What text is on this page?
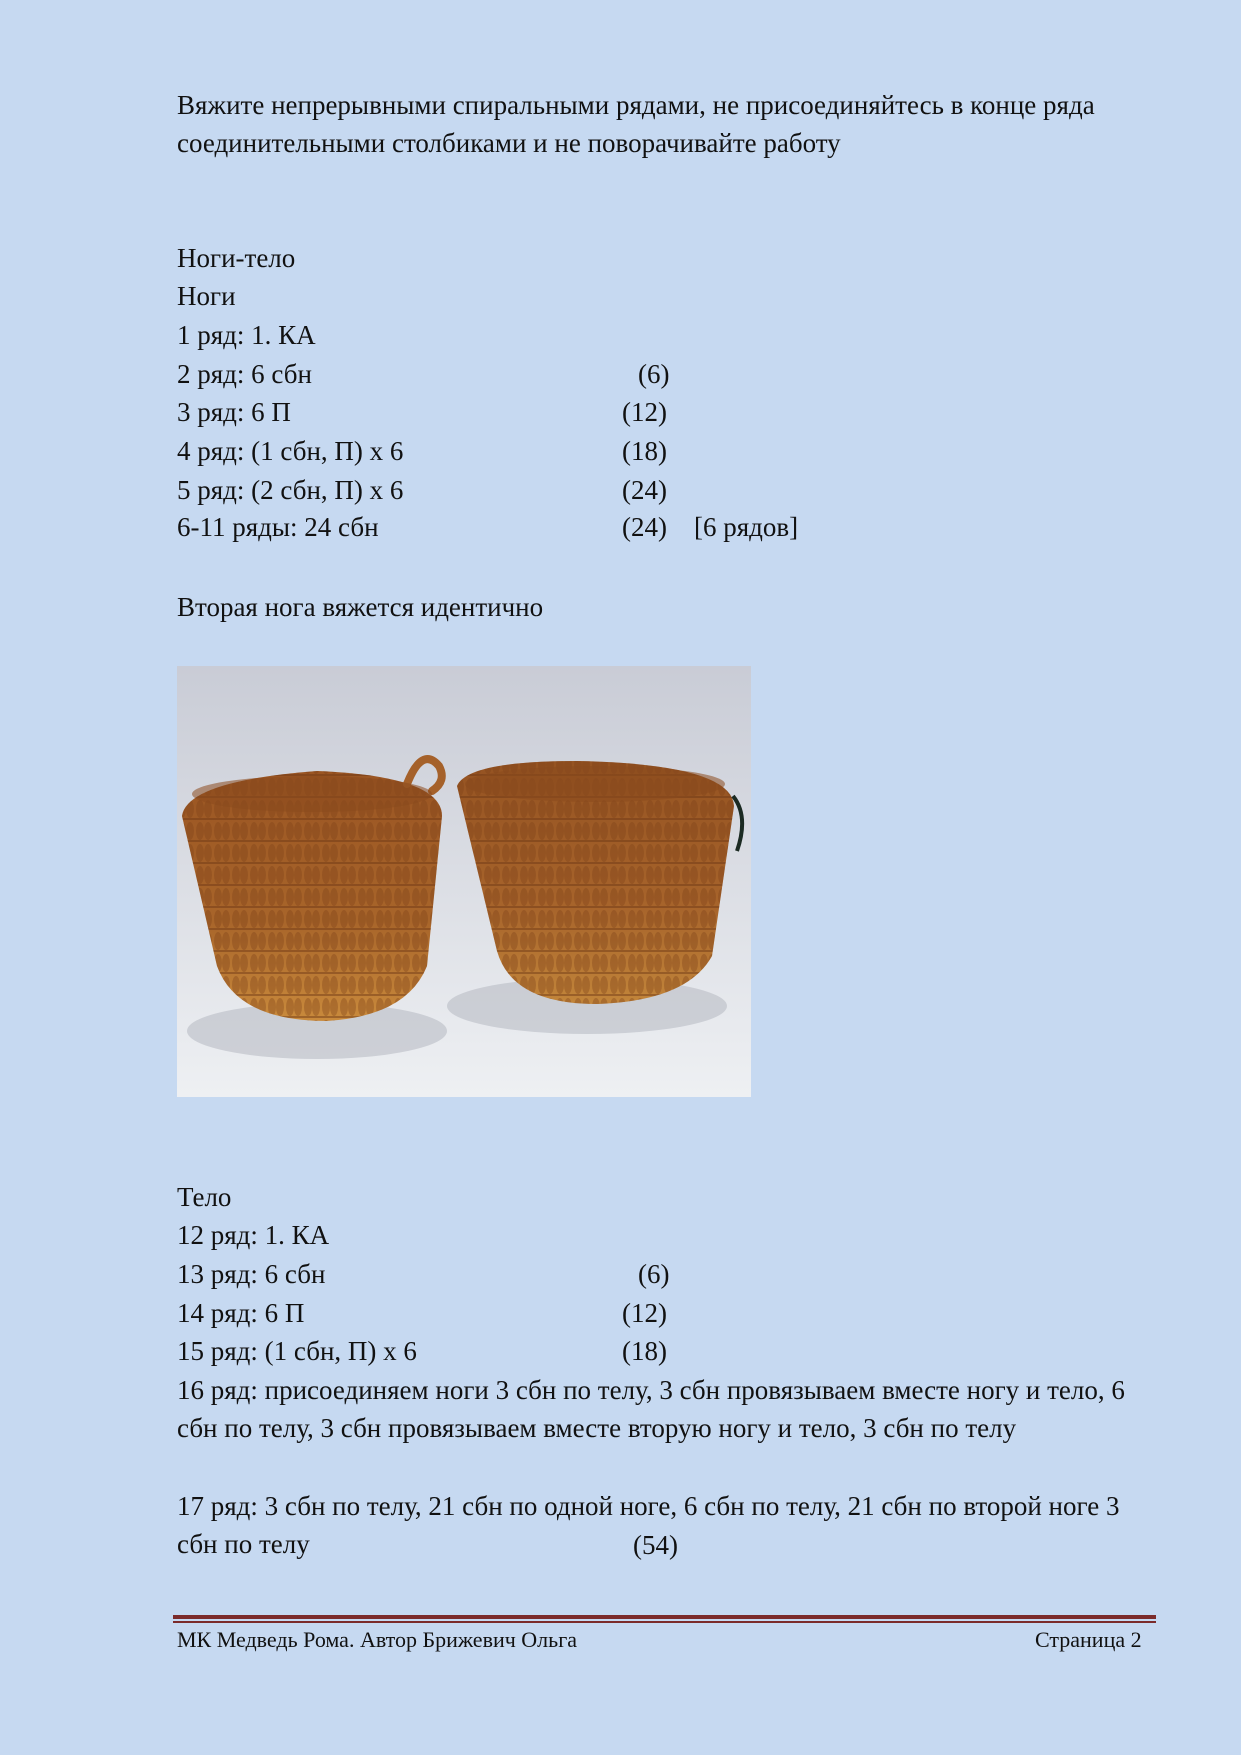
Вяжите непрерывными спиральными рядами, не присоединяйтесь в конце ряда соединительными столбиками и не поворачивайте работу
Ноги-тело
Ноги
1 ряд: 1. КА
2 ряд: 6 сбн	(6)
3 ряд: 6 П	(12)
4 ряд: (1 сбн, П) х 6	(18)
5 ряд: (2 сбн, П) х 6	(24)
6-11 ряды: 24 сбн	(24) [6 рядов]
Вторая нога вяжется идентично
Тело
12 ряд: 1. КА
13 ряд: 6 сбн	(6)
14 ряд: 6 П	(12)
15 ряд: (1 сбн, П) х 6	(18)
16 ряд: присоединяем ноги 3 сбн по телу, 3 сбн провязываем вместе ногу и тело, 6 сбн по телу, 3 сбн провязываем вместе вторую ногу и тело, 3 сбн по телу
17 ряд: 3 сбн по телу, 21 сбн по одной ноге, 6 сбн по телу, 21 сбн по второй ноге 3 сбн по телу	(54)
МК Медведь Рома. Автор Брижевич Ольга	Страница 2
